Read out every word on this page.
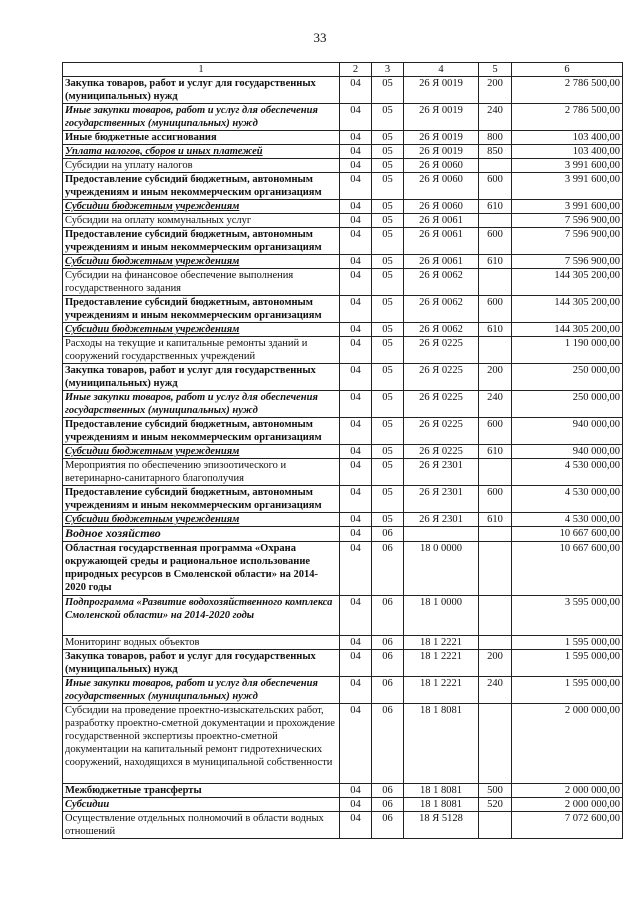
33
1	2	3	4	5	6
Закупка товаров, работ и услуг для государственных (муниципальных) нужд	04	05	26 Я 0019	200	2 786 500,00
Иные закупки товаров, работ и услуг для обеспечения государственных (муниципальных) нужд	04	05	26 Я 0019	240	2 786 500,00
Иные бюджетные ассигнования	04	05	26 Я 0019	800	103 400,00
Уплата налогов, сборов и иных платежей	04	05	26 Я 0019	850	103 400,00
Субсидии на уплату налогов	04	05	26 Я 0060		3 991 600,00
Предоставление субсидий бюджетным, автономным учреждениям и иным некоммерческим организациям	04	05	26 Я 0060	600	3 991 600,00
Субсидии бюджетным учреждениям	04	05	26 Я 0060	610	3 991 600,00
Субсидии на оплату коммунальных услуг	04	05	26 Я 0061		7 596 900,00
Предоставление субсидий бюджетным, автономным учреждениям и иным некоммерческим организациям	04	05	26 Я 0061	600	7 596 900,00
Субсидии бюджетным учреждениям	04	05	26 Я 0061	610	7 596 900,00
Субсидии на финансовое обеспечение выполнения государственного задания	04	05	26 Я 0062		144 305 200,00
Предоставление субсидий бюджетным, автономным учреждениям и иным некоммерческим организациям	04	05	26 Я 0062	600	144 305 200,00
Субсидии бюджетным учреждениям	04	05	26 Я 0062	610	144 305 200,00
Расходы на текущие и капитальные ремонты зданий и сооружений государственных учреждений	04	05	26 Я 0225		1 190 000,00
Закупка товаров, работ и услуг для государственных (муниципальных) нужд	04	05	26 Я 0225	200	250 000,00
Иные закупки товаров, работ и услуг для обеспечения государственных (муниципальных) нужд	04	05	26 Я 0225	240	250 000,00
Предоставление субсидий бюджетным, автономным учреждениям и иным некоммерческим организациям	04	05	26 Я 0225	600	940 000,00
Субсидии бюджетным учреждениям	04	05	26 Я 0225	610	940 000,00
Мероприятия по обеспечению эпизоотического и ветеринарно-санитарного благополучия	04	05	26 Я 2301		4 530 000,00
Предоставление субсидий бюджетным, автономным учреждениям и иным некоммерческим организациям	04	05	26 Я 2301	600	4 530 000,00
Субсидии бюджетным учреждениям	04	05	26 Я 2301	610	4 530 000,00
Водное хозяйство	04	06			10 667 600,00
Областная государственная программа «Охрана окружающей среды и рациональное использование природных ресурсов в Смоленской области» на 2014-2020 годы	04	06	18 0 0000		10 667 600,00
Подпрограмма «Развитие водохозяйственного комплекса Смоленской области» на 2014-2020 годы	04	06	18 1 0000		3 595 000,00
Мониторинг водных объектов	04	06	18 1 2221		1 595 000,00
Закупка товаров, работ и услуг для государственных (муниципальных) нужд	04	06	18 1 2221	200	1 595 000,00
Иные закупки товаров, работ и услуг для обеспечения государственных (муниципальных) нужд	04	06	18 1 2221	240	1 595 000,00
Субсидии на проведение проектно-изыскательских работ, разработку проектно-сметной документации и прохождение государственной экспертизы проектно-сметной документации на капитальный ремонт гидротехнических сооружений, находящихся в муниципальной собственности	04	06	18 1 8081		2 000 000,00
Межбюджетные трансферты	04	06	18 1 8081	500	2 000 000,00
Субсидии	04	06	18 1 8081	520	2 000 000,00
Осуществление отдельных полномочий в области водных отношений	04	06	18 Я 5128		7 072 600,00
